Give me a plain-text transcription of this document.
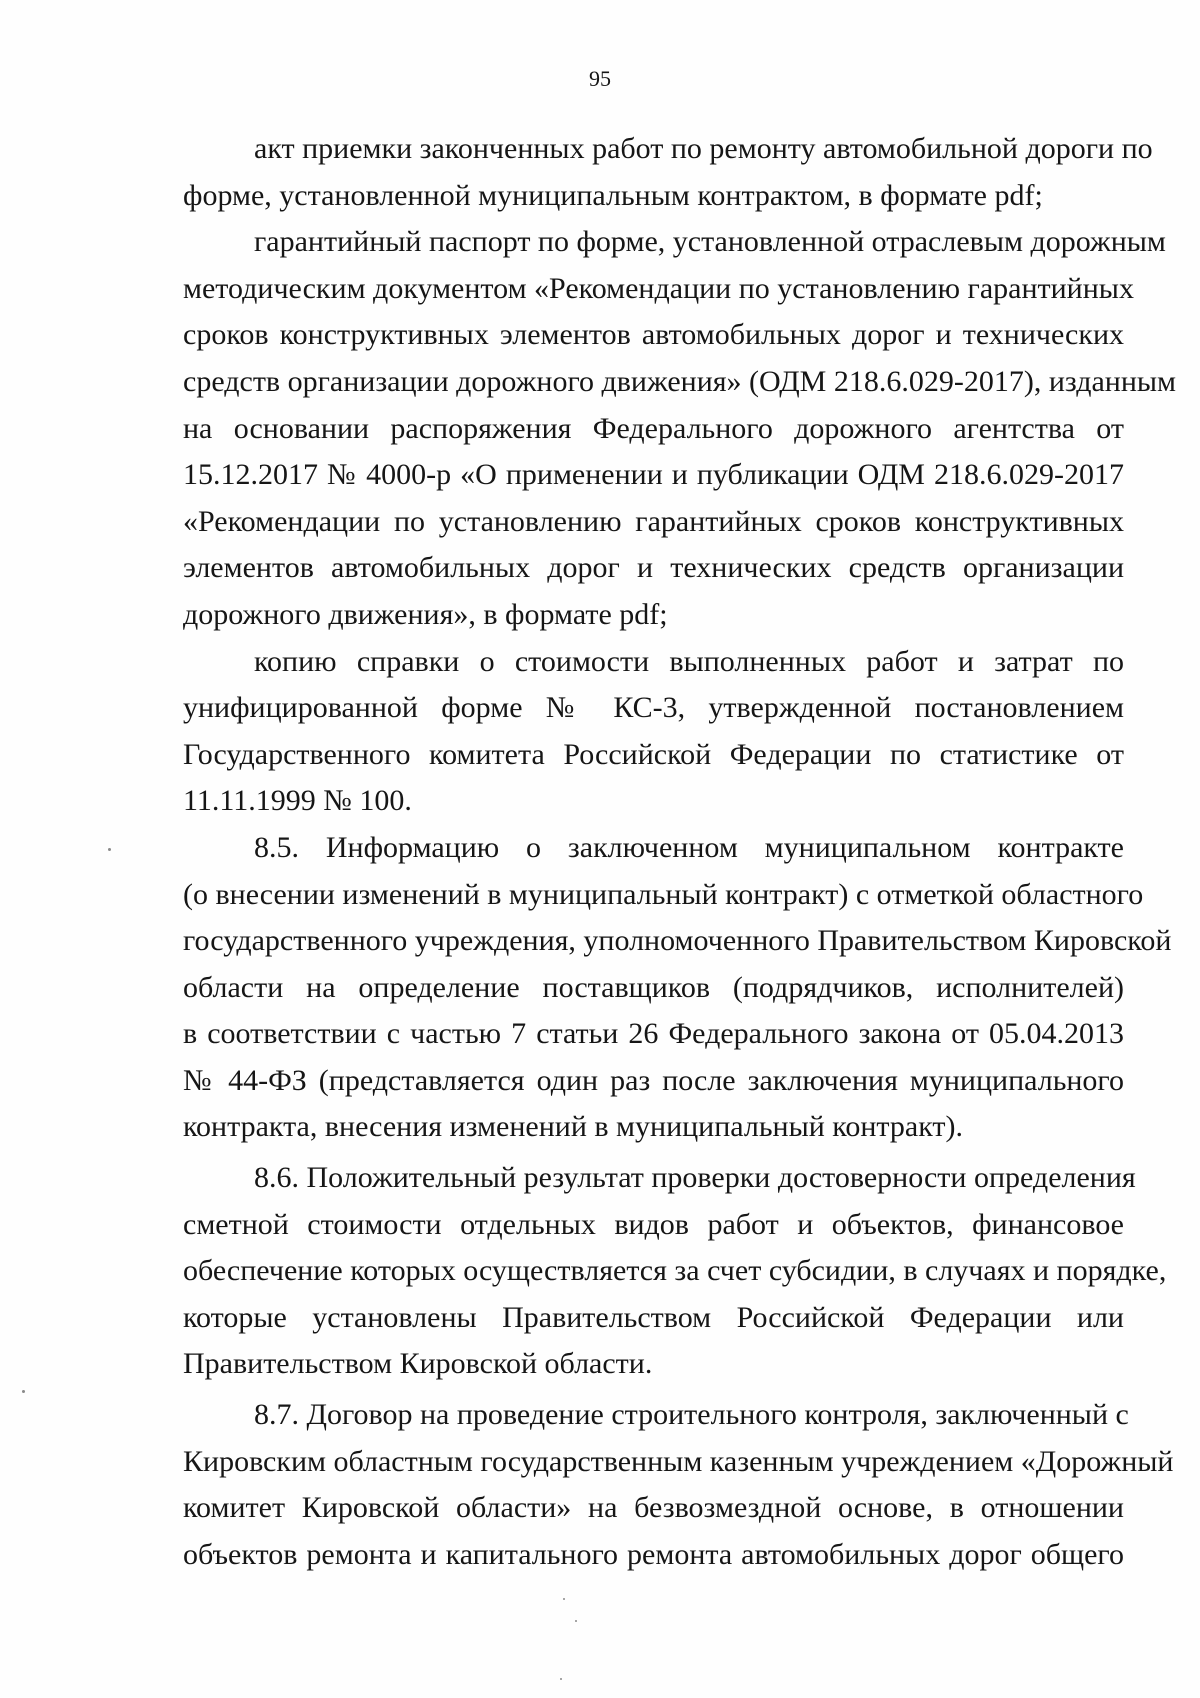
95
акт приемки законченных работ по ремонту автомобильной дороги по
форме, установленной муниципальным контрактом, в формате pdf;
гарантийный паспорт по форме, установленной отраслевым дорожным
методическим документом «Рекомендации по установлению гарантийных
сроков конструктивных элементов автомобильных дорог и технических
средств организации дорожного движения» (ОДМ 218.6.029-2017), изданным
на основании распоряжения Федерального дорожного агентства от
15.12.2017 № 4000-р «О применении и публикации ОДМ 218.6.029-2017
«Рекомендации по установлению гарантийных сроков конструктивных
элементов автомобильных дорог и технических средств организации
дорожного движения», в формате pdf;
копию справки о стоимости выполненных работ и затрат по
унифицированной форме № КС-3, утвержденной постановлением
Государственного комитета Российской Федерации по статистике от
11.11.1999 № 100.
8.5. Информацию о заключенном муниципальном контракте
(о внесении изменений в муниципальный контракт) с отметкой областного
государственного учреждения, уполномоченного Правительством Кировской
области на определение поставщиков (подрядчиков, исполнителей)
в соответствии с частью 7 статьи 26 Федерального закона от 05.04.2013
№ 44-ФЗ (представляется один раз после заключения муниципального
контракта, внесения изменений в муниципальный контракт).
8.6. Положительный результат проверки достоверности определения
сметной стоимости отдельных видов работ и объектов, финансовое
обеспечение которых осуществляется за счет субсидии, в случаях и порядке,
которые установлены Правительством Российской Федерации или
Правительством Кировской области.
8.7. Договор на проведение строительного контроля, заключенный с
Кировским областным государственным казенным учреждением «Дорожный
комитет Кировской области» на безвозмездной основе, в отношении
объектов ремонта и капитального ремонта автомобильных дорог общего
